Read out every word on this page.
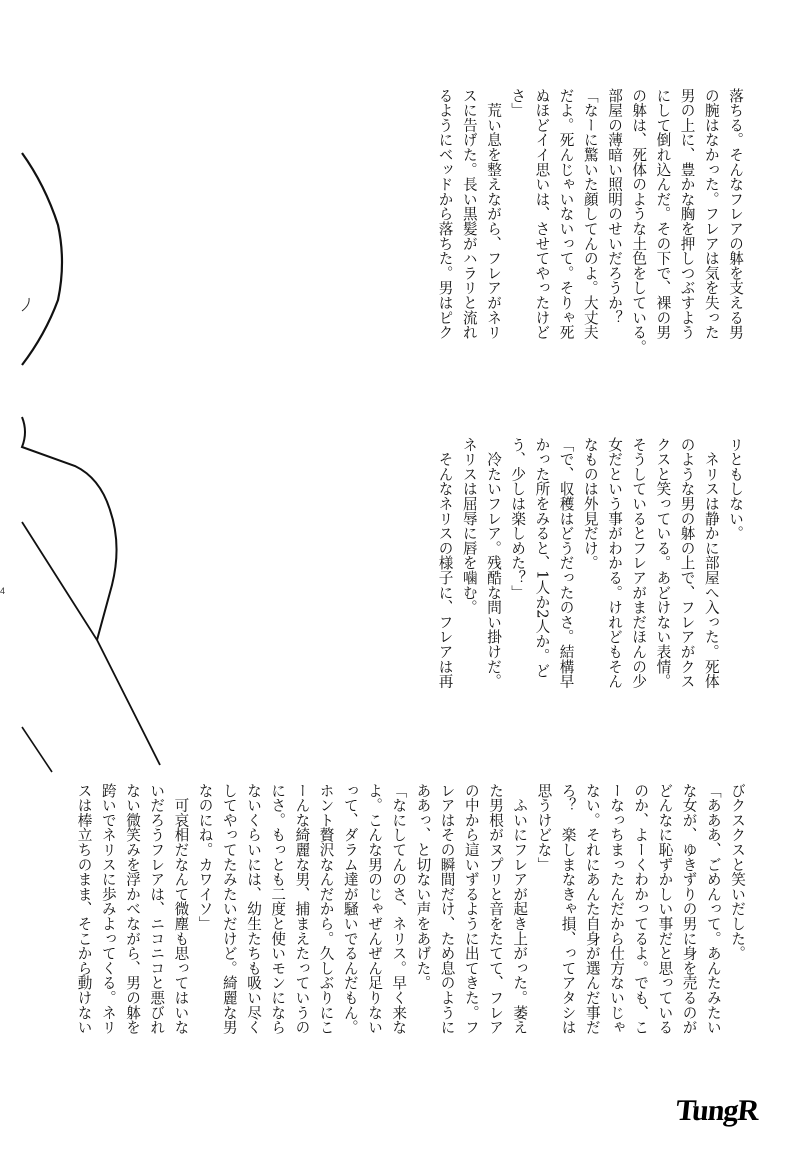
4
落ちる。そんなフレアの躰を支える男
の腕はなかった。フレアは気を失った
男の上に、豊かな胸を押しつぶすよう
にして倒れ込んだ。その下で、裸の男
の躰は、死体のような土色をしている。
部屋の薄暗い照明のせいだろうか？
「なーに驚いた顔してんのよ。大丈夫
だよ。死んじゃいないって。そりゃ死
ぬほどイイ思いは、させてやったけど
さ」
　荒い息を整えながら、フレアがネリ
スに告げた。長い黒髪がハラリと流れ
るようにベッドから落ちた。男はピク
リともしない。
　ネリスは静かに部屋へ入った。死体
のような男の躰の上で、フレアがクス
クスと笑っている。あどけない表情。
そうしているとフレアがまだほんの少
女だという事がわかる。けれどもそん
なものは外見だけ。
「で、収穫はどうだったのさ。結構早
かった所をみると、1人か2人か。ど
う、少しは楽しめた？」
　冷たいフレア。残酷な問い掛けだ。
ネリスは屈辱に唇を噛む。
　そんなネリスの様子に、フレアは再
びクスクスと笑いだした。
「あああ、ごめんって。あんたみたい
な女が、ゆきずりの男に身を売るのが
どんなに恥ずかしい事だと思っている
のか、よーくわかってるよ。でも、こ
ーなっちまったんだから仕方ないじゃ
ない。それにあんた自身が選んだ事だ
ろ？　楽しまなきゃ損、ってアタシは
思うけどな」
　ふいにフレアが起き上がった。萎え
た男根がヌプリと音をたてて、フレア
の中から這いずるように出てきた。フ
レアはその瞬間だけ、ため息のように
ああっ、と切ない声をあげた。
「なにしてんのさ、ネリス。早く来な
よ。こんな男のじゃぜんぜん足りない
って、ダラム達が騒いでるんだもん。
ホント贅沢なんだから。久しぶりにこ
ーんな綺麗な男、捕まえたっていうの
にさ。もっとも二度と使いモンになら
ないくらいには、幼生たちも吸い尽く
してやってたみたいだけど。綺麗な男
なのにね。カワイソ」
　可哀相だなんて微塵も思ってはいな
いだろうフレアは、ニコニコと悪びれ
ない微笑みを浮かべながら、男の躰を
跨いでネリスに歩みよってくる。ネリ
スは棒立ちのまま、そこから動けない
TungR
